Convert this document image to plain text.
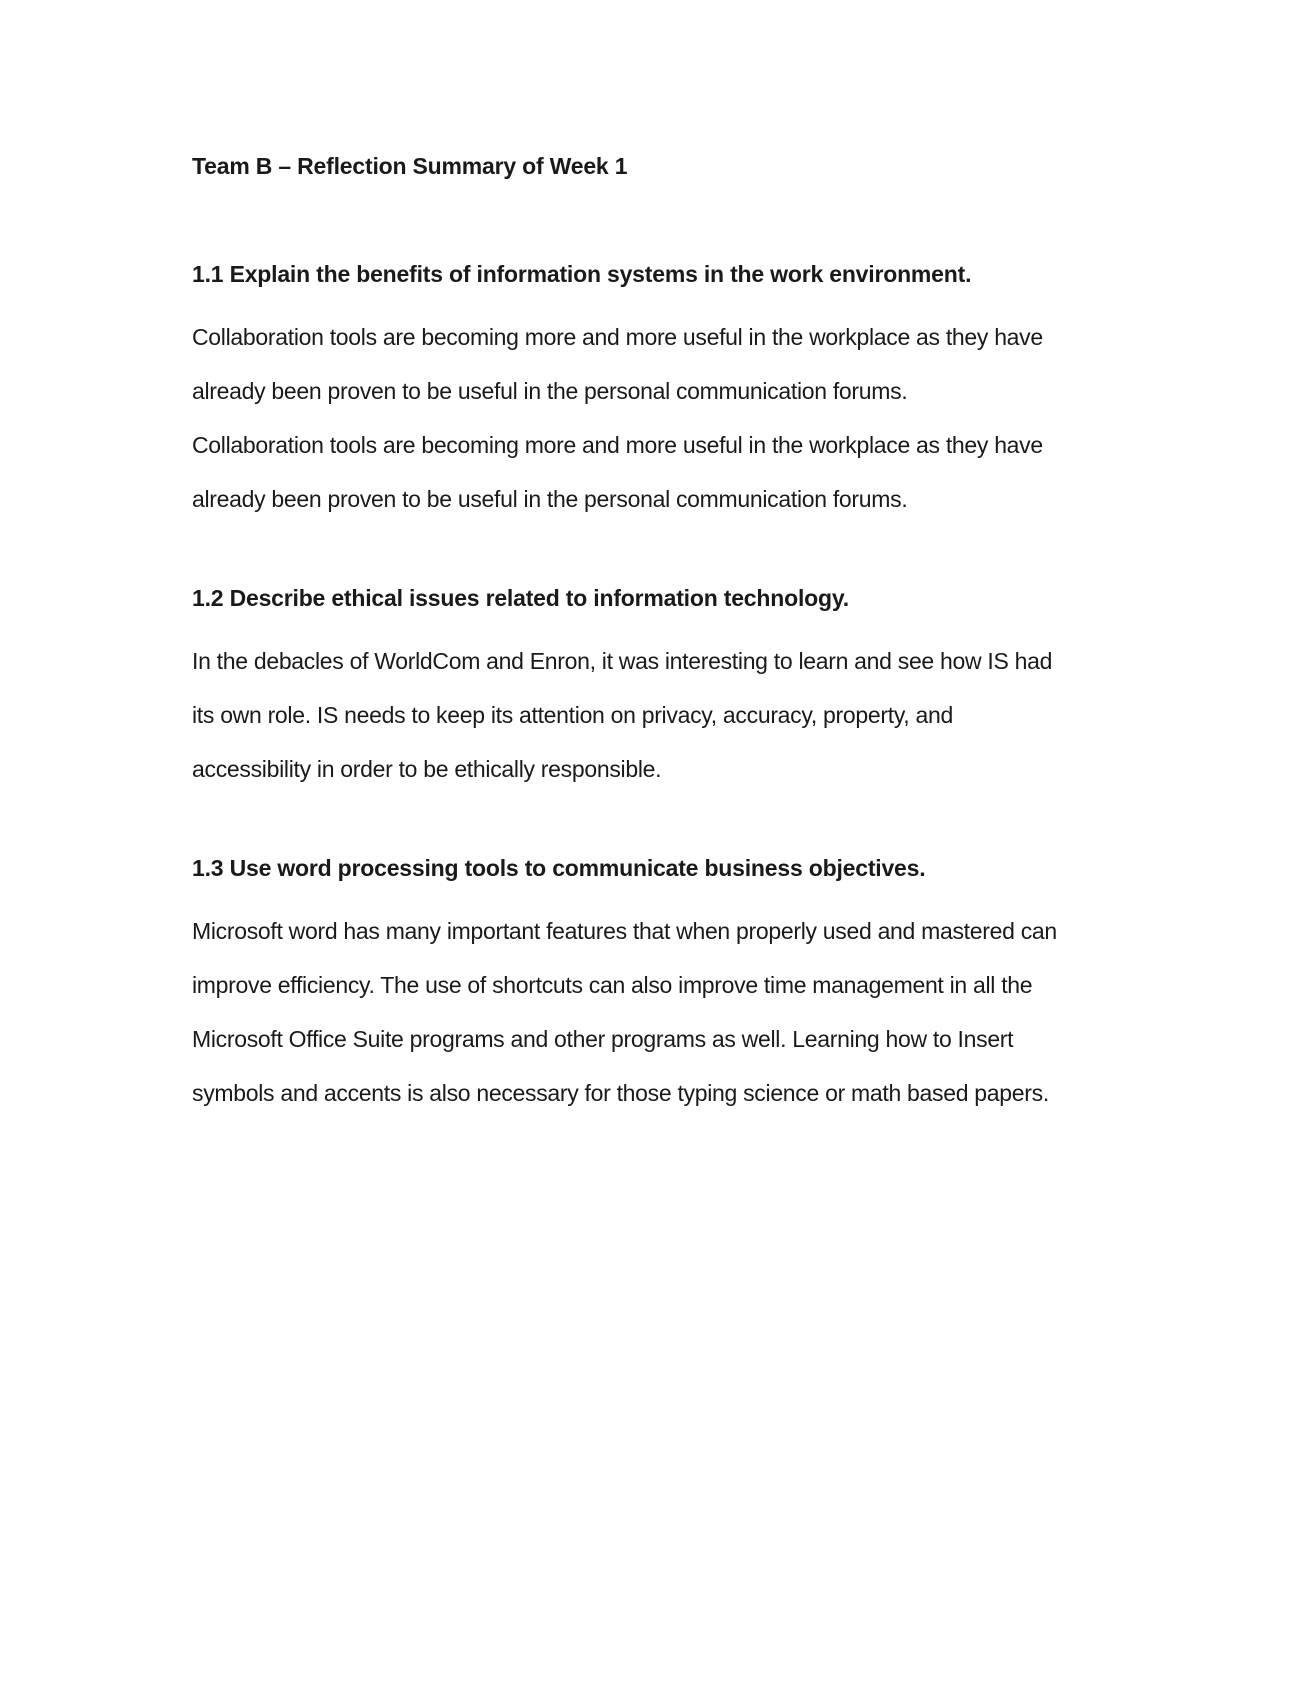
Team B – Reflection Summary of Week 1
1.1 Explain the benefits of information systems in the work environment.

Collaboration tools are becoming more and more useful in the workplace as they have
already been proven to be useful in the personal communication forums.
Collaboration tools are becoming more and more useful in the workplace as they have
already been proven to be useful in the personal communication forums.

1.2 Describe ethical issues related to information technology.

In the debacles of WorldCom and Enron, it was interesting to learn and see how IS had
its own role. IS needs to keep its attention on privacy, accuracy, property, and
accessibility in order to be ethically responsible.

1.3 Use word processing tools to communicate business objectives.

Microsoft word has many important features that when properly used and mastered can
improve efficiency. The use of shortcuts can also improve time management in all the
Microsoft Office Suite programs and other programs as well. Learning how to Insert
symbols and accents is also necessary for those typing science or math based papers.
